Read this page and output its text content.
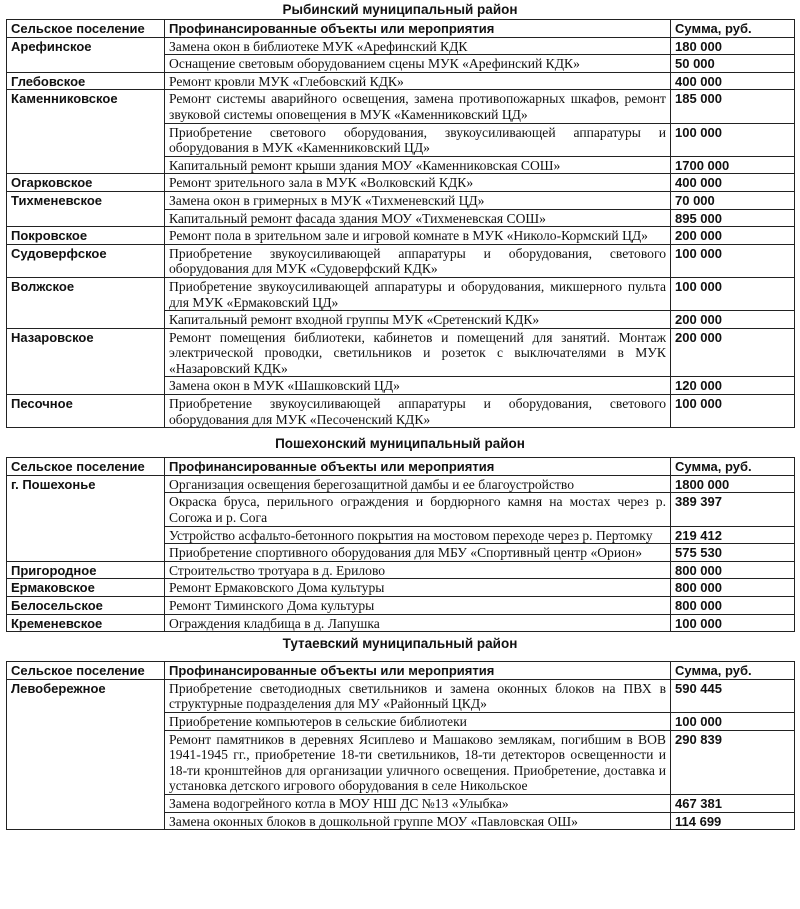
Рыбинский муниципальный район
Сельское поселение	Профинансированные объекты или мероприятия	Сумма, руб.
Арефинское	Замена окон в библиотеке МУК «Арефинский КДК	180 000
	Оснащение световым оборудованием сцены МУК «Арефинский КДК»	50 000
Глебовское	Ремонт кровли МУК «Глебовский КДК»	400 000
Каменниковское	Ремонт системы аварийного освещения, замена противопожарных шкафов, ремонт звуковой системы оповещения в МУК «Каменниковский ЦД»	185 000
	Приобретение светового оборудования, звукоусиливающей аппаратуры и оборудования в МУК «Каменниковский ЦД»	100 000
	Капитальный ремонт крыши здания МОУ «Каменниковская СОШ»	1700 000
Огарковское	Ремонт зрительного зала в МУК «Волковский КДК»	400 000
Тихменевское	Замена окон в гримерных в МУК «Тихменевский ЦД»	70 000
	Капитальный ремонт фасада здания МОУ «Тихменевская СОШ»	895 000
Покровское	Ремонт пола в зрительном зале и игровой комнате в МУК «Николо-Кормский ЦД»	200 000
Судоверфское	Приобретение звукоусиливающей аппаратуры и оборудования, светового оборудования для МУК «Судоверфский КДК»	100 000
Волжское	Приобретение звукоусиливающей аппаратуры и оборудования, микшерного пульта для МУК «Ермаковский ЦД»	100 000
	Капитальный ремонт входной группы МУК «Сретенский КДК»	200 000
Назаровское	Ремонт помещения библиотеки, кабинетов и помещений для занятий. Монтаж электрической проводки, светильников и розеток с выключателями в МУК «Назаровский КДК»	200 000
	Замена окон в МУК «Шашковский ЦД»	120 000
Песочное	Приобретение звукоусиливающей аппаратуры и оборудования, светового оборудования для МУК «Песоченский КДК»	100 000
Пошехонский муниципальный район
Сельское поселение	Профинансированные объекты или мероприятия	Сумма, руб.
г. Пошехонье	Организация освещения берегозащитной дамбы и ее благоустройство	1800 000
	Окраска бруса, перильного ограждения и бордюрного камня на мостах через р. Согожа и р. Сога	389 397
	Устройство асфальто-бетонного покрытия на мостовом переходе через р. Пертомку	219 412
	Приобретение спортивного оборудования для МБУ «Спортивный центр «Орион»	575 530
Пригородное	Строительство тротуара в д. Ерилово	800 000
Ермаковское	Ремонт Ермаковского Дома культуры	800 000
Белосельское	Ремонт Тиминского Дома культуры	800 000
Кременевское	Ограждения кладбища в д. Лапушка	100 000
Тутаевский муниципальный район
Сельское поселение	Профинансированные объекты или мероприятия	Сумма, руб.
Левобережное	Приобретение светодиодных светильников и замена оконных блоков на ПВХ в структурные подразделения для МУ «Районный ЦКД»	590 445
	Приобретение компьютеров в сельские библиотеки	100 000
	Ремонт памятников в деревнях Ясиплево и Машаково землякам, погибшим в ВОВ 1941-1945 гг., приобретение 18-ти светильников, 18-ти детекторов освещенности и 18-ти кронштейнов для организации уличного освещения. Приобретение, доставка и установка детского игрового оборудования в селе Никольское	290 839
	Замена водогрейного котла в МОУ НШ ДС №13 «Улыбка»	467 381
	Замена оконных блоков в дошкольной группе МОУ «Павловская ОШ»	114 699
